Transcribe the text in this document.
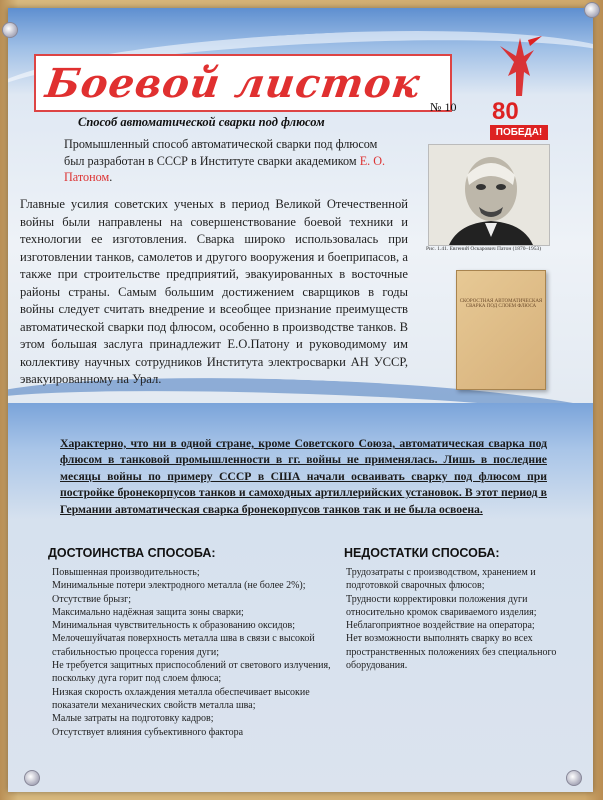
Боевой листок
Способ автоматической сварки под флюсом
№ 10 80
ПОБЕДА!
Промышленный способ автоматической сварки под флюсом был разработан в СССР в Институте сварки академиком Е. О. Патоном.
Главные усилия советских ученых в период Великой Отечественной войны были направлены на совершенствование боевой техники и технологии ее изготовления. Сварка широко использовалась при изготовлении танков, самолетов и другого вооружения и боеприпасов, а также при строительстве предприятий, эвакуированных в восточные районы страны. Самым большим достижением сварщиков в годы войны следует считать внедрение и всеобщее признание преимуществ автоматической сварки под флюсом, особенно в производстве танков. В этом большая заслуга принадлежит Е.О.Патону и руководимому им коллективу научных сотрудников Института электросварки АН УССР, эвакуированному на Урал.
Рис. 1.41. Евгений Оскарович Патон (1870–1953)
СКОРОСТНАЯ АВТОМАТИЧЕСКАЯ СВАРКА ПОД СЛОЕМ ФЛЮСА
Характерно, что ни в одной стране, кроме Советского Союза, автоматическая сварка под флюсом в танковой промышленности в гг. войны не применялась. Лишь в последние месяцы войны по примеру СССР в США начали осваивать сварку под флюсом при постройке бронекорпусов танков и самоходных артиллерийских установок. В этот период в Германии автоматическая сварка бронекорпусов танков так и не была освоена.
ДОСТОИНСТВА СПОСОБА:
Повышенная производительность;
Минимальные потери электродного металла (не более 2%);
Отсутствие брызг;
Максимально надёжная защита зоны сварки;
Минимальная чувствительность к образованию оксидов;
Мелочешуйчатая поверхность металла шва в связи с высокой стабильностью процесса горения дуги;
Не требуется защитных приспособлений от светового излучения, поскольку дуга горит под слоем флюса;
Низкая скорость охлаждения металла обеспечивает высокие показатели механических свойств металла шва;
Малые затраты на подготовку кадров;
Отсутствует влияния субъективного фактора
НЕДОСТАТКИ СПОСОБА:
Трудозатраты с производством, хранением и подготовкой сварочных флюсов;
Трудности корректировки положения дуги относительно кромок свариваемого изделия; Неблагоприятное воздействие на оператора;
Нет возможности выполнять сварку во всех пространственных положениях без специального оборудования.
